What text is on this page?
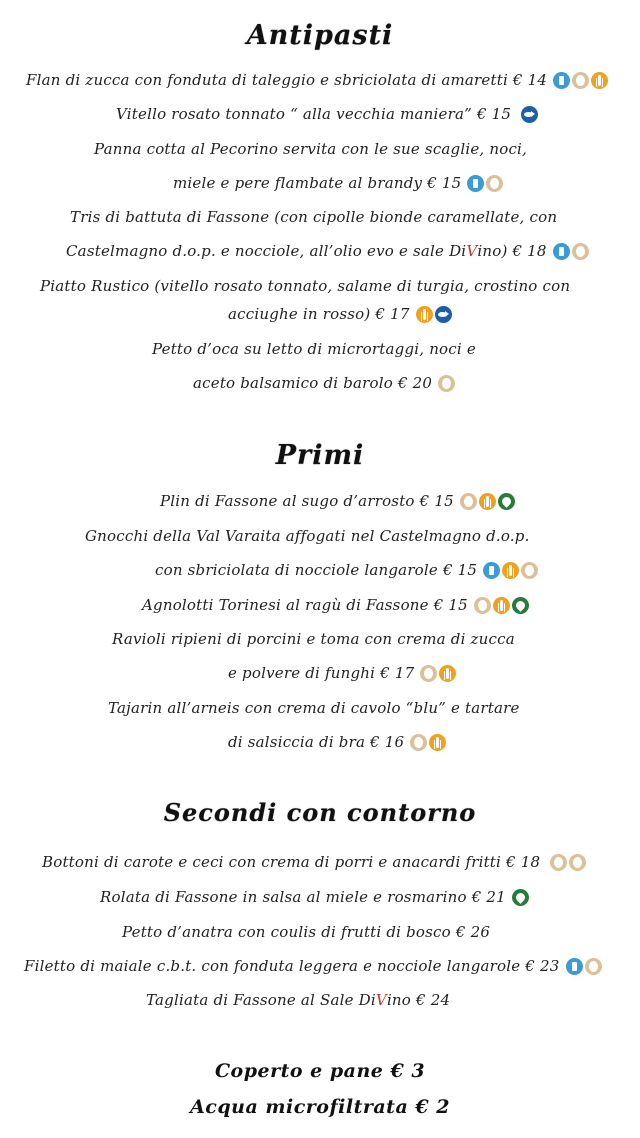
Antipasti
Flan di zucca con fonduta di taleggio e sbriciolata di amaretti € 14
Vitello rosato tonnato “ alla vecchia maniera” € 15
Panna cotta al Pecorino servita con le sue scaglie, noci,
miele e pere flambate al brandy € 15
Tris di battuta di Fassone (con cipolle bionde caramellate, con
Castelmagno d.o.p. e nocciole, all’olio evo e sale Di V ino) € 18
Piatto Rustico (vitello rosato tonnato, salame di turgia, crostino con
acciughe in rosso) € 17
Petto d’oca su letto di micrortaggi, noci e
aceto balsamico di barolo € 20
Primi
Plin di Fassone al sugo d’arrosto € 15
Gnocchi della Val Varaita affogati nel Castelmagno d.o.p.
con sbriciolata di nocciole langarole € 15
Agnolotti Torinesi al ragù di Fassone € 15
Ravioli ripieni di porcini e toma con crema di zucca
e polvere di funghi € 17
Tajarin all’arneis con crema di cavolo “blu” e tartare
di salsiccia di bra € 16
Secondi con contorno
Bottoni di carote e ceci con crema di porri e anacardi fritti € 18
Rolata di Fassone in salsa al miele e rosmarino € 21
Petto d’anatra con coulis di frutti di bosco € 26
Filetto di maiale c.b.t. con fonduta leggera e nocciole langarole € 23
Tagliata di Fassone al Sale Di V ino € 24
Coperto e pane € 3
Acqua microfiltrata € 2
